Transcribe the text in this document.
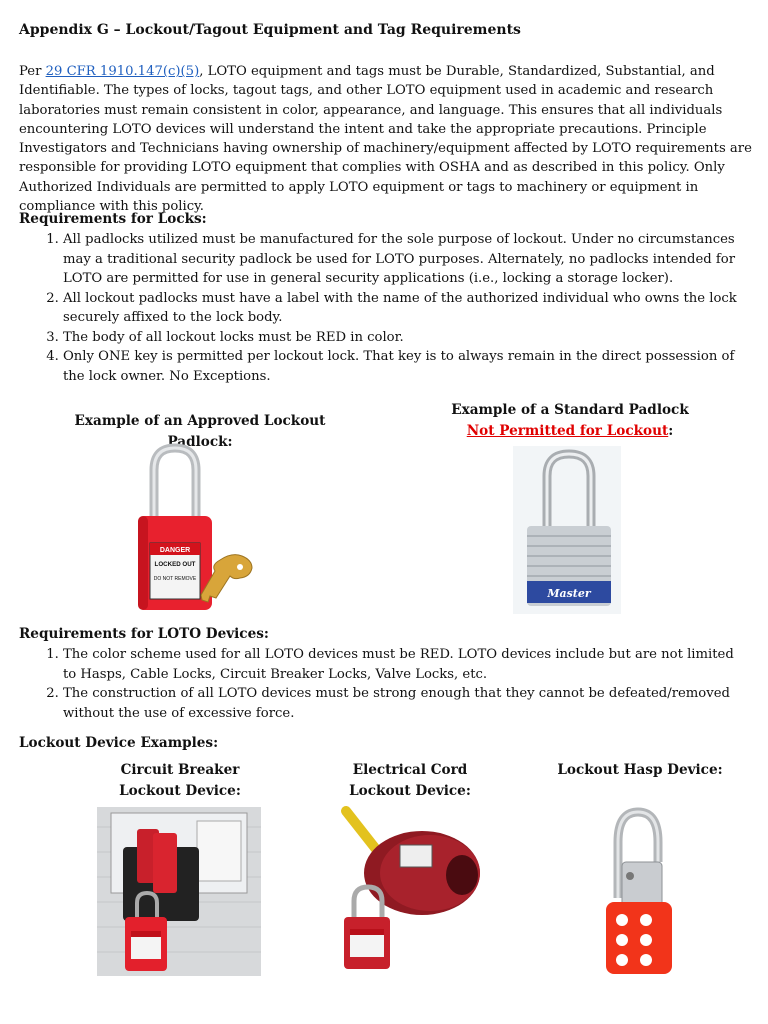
Appendix G – Lockout/Tagout Equipment and Tag Requirements

Per 29 CFR 1910.147(c)(5), LOTO equipment and tags must be Durable, Standardized, Substantial, and Identifiable. The types of locks, tagout tags, and other LOTO equipment used in academic and research laboratories must remain consistent in color, appearance, and language. This ensures that all individuals encountering LOTO devices will understand the intent and take the appropriate precautions. Principle Investigators and Technicians having ownership of machinery/equipment affected by LOTO requirements are responsible for providing LOTO equipment that complies with OSHA and as described in this policy. Only Authorized Individuals are permitted to apply LOTO equipment or tags to machinery or equipment in compliance with this policy.

Requirements for Locks:
1. All padlocks utilized must be manufactured for the sole purpose of lockout. Under no circumstances may a traditional security padlock be used for LOTO purposes. Alternately, no padlocks intended for LOTO are permitted for use in general security applications (i.e., locking a storage locker).
2. All lockout padlocks must have a label with the name of the authorized individual who owns the lock securely affixed to the lock body.
3. The body of all lockout locks must be RED in color.
4. Only ONE key is permitted per lockout lock. That key is to always remain in the direct possession of the lock owner. No Exceptions.
Example of an Approved Lockout Padlock:
Example of a Standard Padlock
Not Permitted for Lockout:
DANGER
LOCKED OUT
DO NOT REMOVE
Master
Requirements for LOTO Devices:
1. The color scheme used for all LOTO devices must be RED. LOTO devices include but are not limited to Hasps, Cable Locks, Circuit Breaker Locks, Valve Locks, etc.
2. The construction of all LOTO devices must be strong enough that they cannot be defeated/removed without the use of excessive force.
Lockout Device Examples:
Circuit Breaker Lockout Device:
Electrical Cord Lockout Device:
Lockout Hasp Device:
